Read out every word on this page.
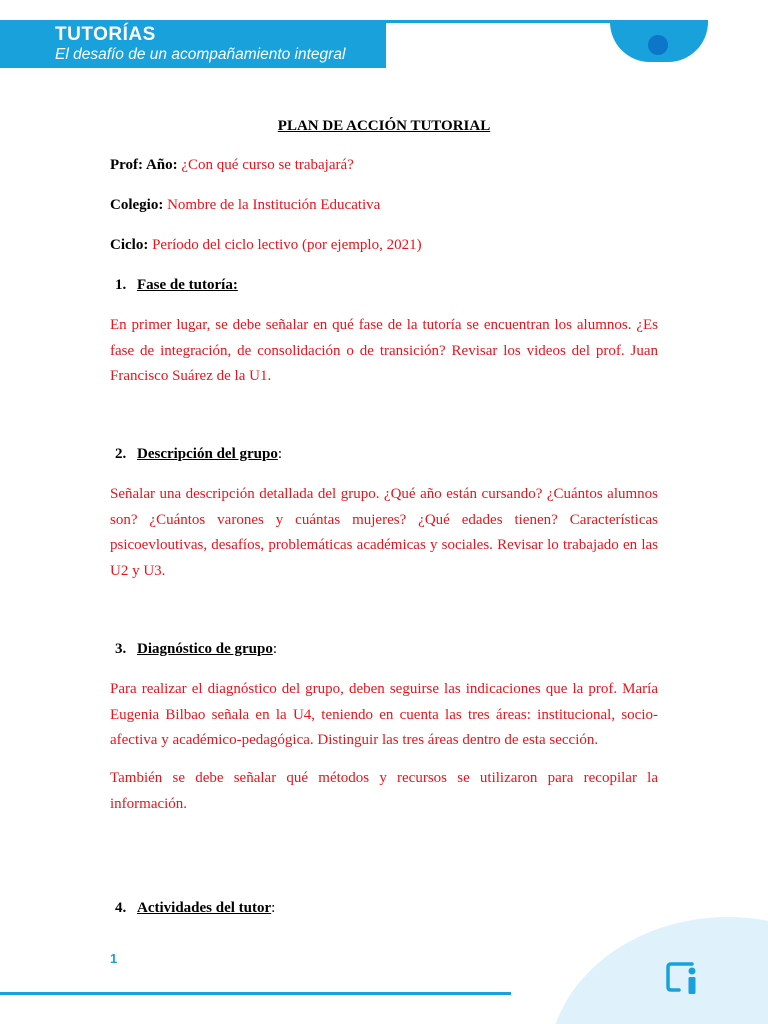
TUTORÍAS
El desafío de un acompañamiento integral
PLAN DE ACCIÓN TUTORIAL
Prof: Año: ¿Con qué curso se trabajará?
Colegio: Nombre de la Institución Educativa
Ciclo: Período del ciclo lectivo (por ejemplo, 2021)
1. Fase de tutoría:

En primer lugar, se debe señalar en qué fase de la tutoría se encuentran los alumnos. ¿Es fase de integración, de consolidación o de transición? Revisar los videos del prof. Juan Francisco Suárez de la U1.

2. Descripción del grupo:

Señalar una descripción detallada del grupo. ¿Qué año están cursando? ¿Cuántos alumnos son? ¿Cuántos varones y cuántas mujeres? ¿Qué edades tienen? Características psicoevloutivas, desafíos, problemáticas académicas y sociales. Revisar lo trabajado en las U2 y U3.

3. Diagnóstico de grupo:

Para realizar el diagnóstico del grupo, deben seguirse las indicaciones que la prof. María Eugenia Bilbao señala en la U4, teniendo en cuenta las tres áreas: institucional, socio-afectiva y académico-pedagógica. Distinguir las tres áreas dentro de esta sección.

También se debe señalar qué métodos y recursos se utilizaron para recopilar la información.

4. Actividades del tutor:
1
